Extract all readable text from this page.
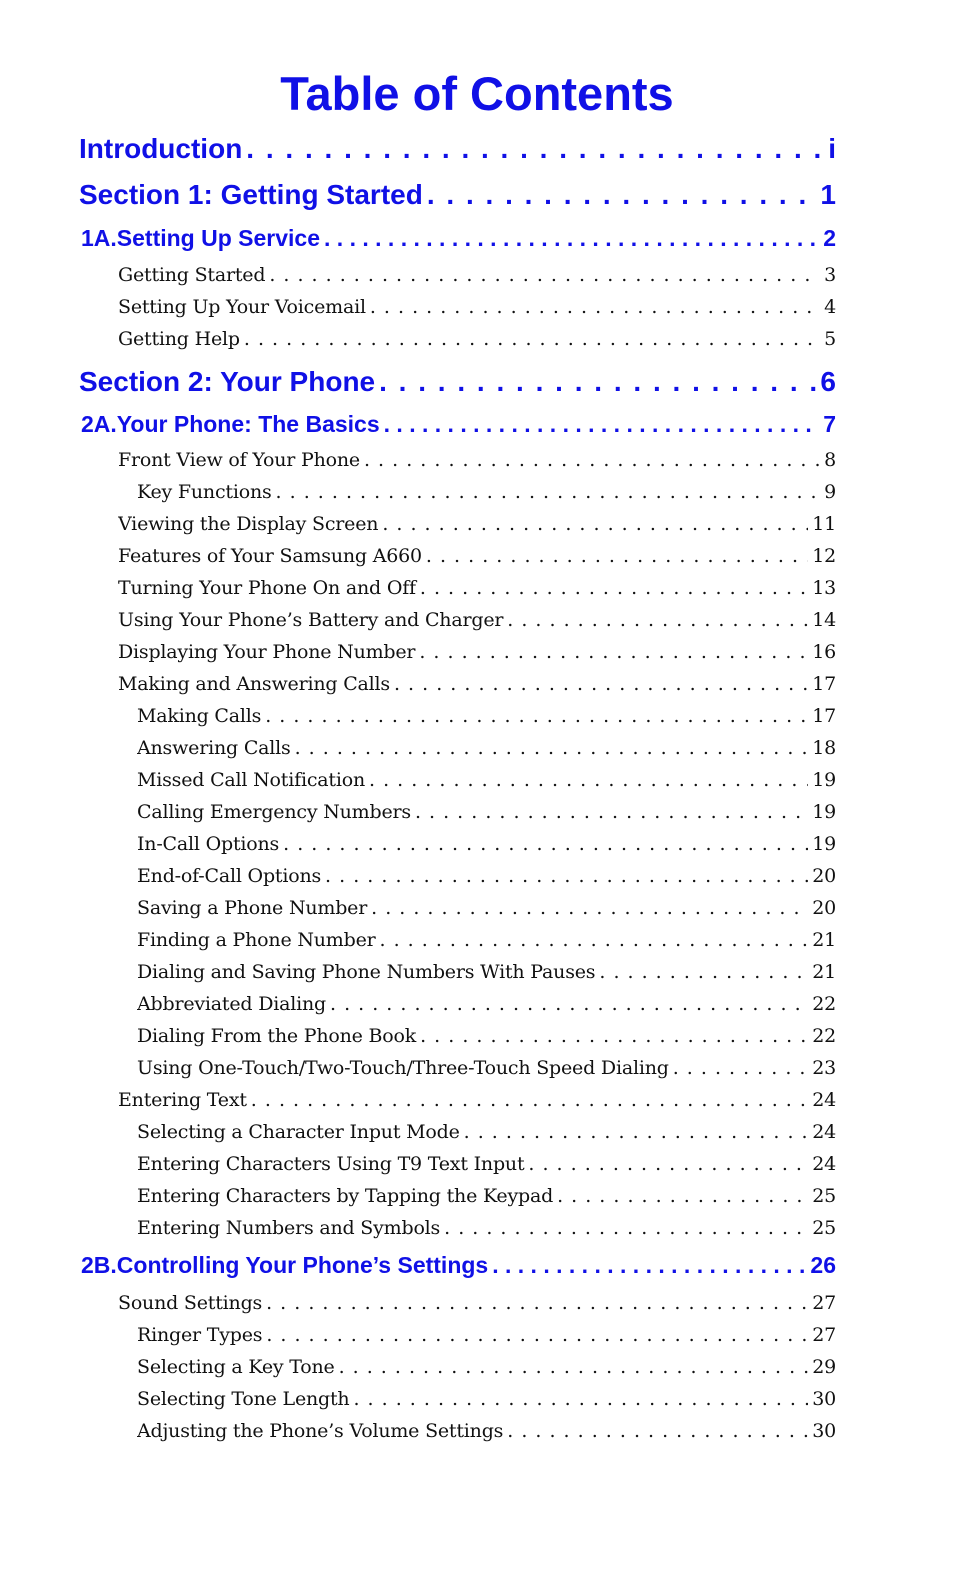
Table of Contents
Introduction . . .	i
Section 1: Getting Started . . .	1
1A.Setting Up Service . . .	2
Getting Started . . .	3
Setting Up Your Voicemail . . .	4
Getting Help . . .	5
Section 2: Your Phone . . .	6
2A.Your Phone: The Basics . . .	7
Front View of Your Phone . . .	8
Key Functions . . .	9
Viewing the Display Screen . . .	11
Features of Your Samsung A660 . . .	12
Turning Your Phone On and Off . . .	13
Using Your Phone’s Battery and Charger . . .	14
Displaying Your Phone Number . . .	16
Making and Answering Calls . . .	17
Making Calls . . .	17
Answering Calls . . .	18
Missed Call Notification . . .	19
Calling Emergency Numbers . . .	19
In-Call Options . . .	19
End-of-Call Options . . .	20
Saving a Phone Number . . .	20
Finding a Phone Number . . .	21
Dialing and Saving Phone Numbers With Pauses . . .	21
Abbreviated Dialing . . .	22
Dialing From the Phone Book . . .	22
Using One-Touch/Two-Touch/Three-Touch Speed Dialing . . .	23
Entering Text . . .	24
Selecting a Character Input Mode . . .	24
Entering Characters Using T9 Text Input . . .	24
Entering Characters by Tapping the Keypad . . .	25
Entering Numbers and Symbols . . .	25
2B.Controlling Your Phone’s Settings . . .	26
Sound Settings . . .	27
Ringer Types . . .	27
Selecting a Key Tone . . .	29
Selecting Tone Length . . .	30
Adjusting the Phone’s Volume Settings . . .	30
